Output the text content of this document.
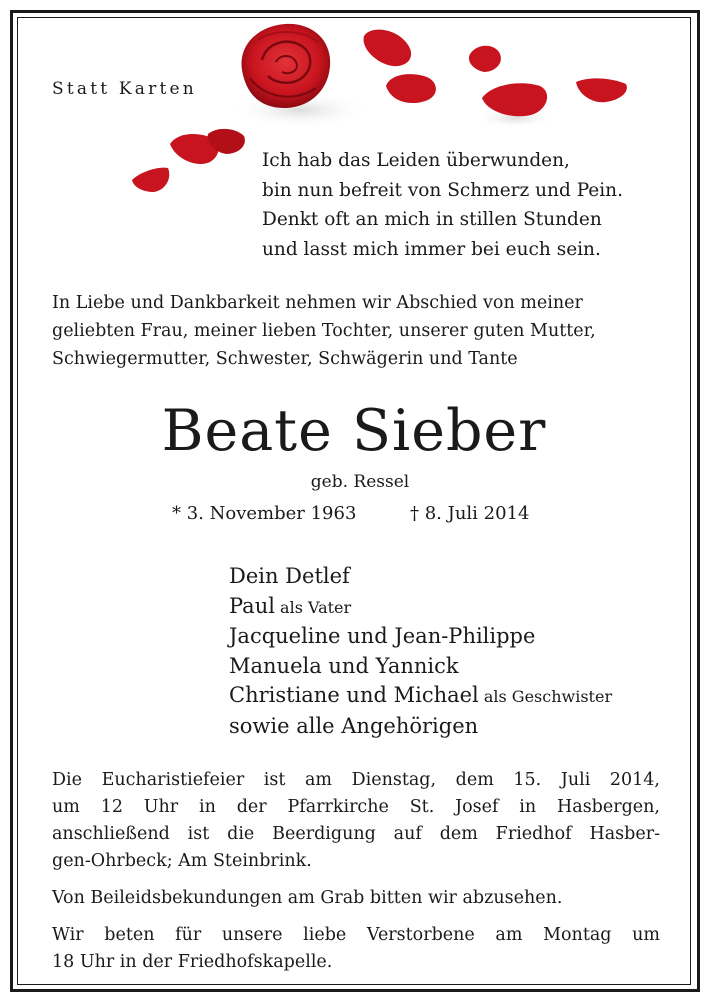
Statt Karten
Ich hab das Leiden überwunden,
bin nun befreit von Schmerz und Pein.
Denkt oft an mich in stillen Stunden
und lasst mich immer bei euch sein.
In Liebe und Dankbarkeit nehmen wir Abschied von meiner
geliebten Frau, meiner lieben Tochter, unserer guten Mutter,
Schwiegermutter, Schwester, Schwägerin und Tante
Beate Sieber
geb. Ressel
* 3. November 1963	† 8. Juli 2014
Dein Detlef
Paul als Vater
Jacqueline und Jean-Philippe
Manuela und Yannick
Christiane und Michael als Geschwister
sowie alle Angehörigen
Die Eucharistiefeier ist am Dienstag, dem 15. Juli 2014,
um 12 Uhr in der Pfarrkirche St. Josef in Hasbergen,
anschließend ist die Beerdigung auf dem Friedhof Hasber-
gen-Ohrbeck; Am Steinbrink.
Von Beileidsbekundungen am Grab bitten wir abzusehen.
Wir beten für unsere liebe Verstorbene am Montag um
18 Uhr in der Friedhofskapelle.
